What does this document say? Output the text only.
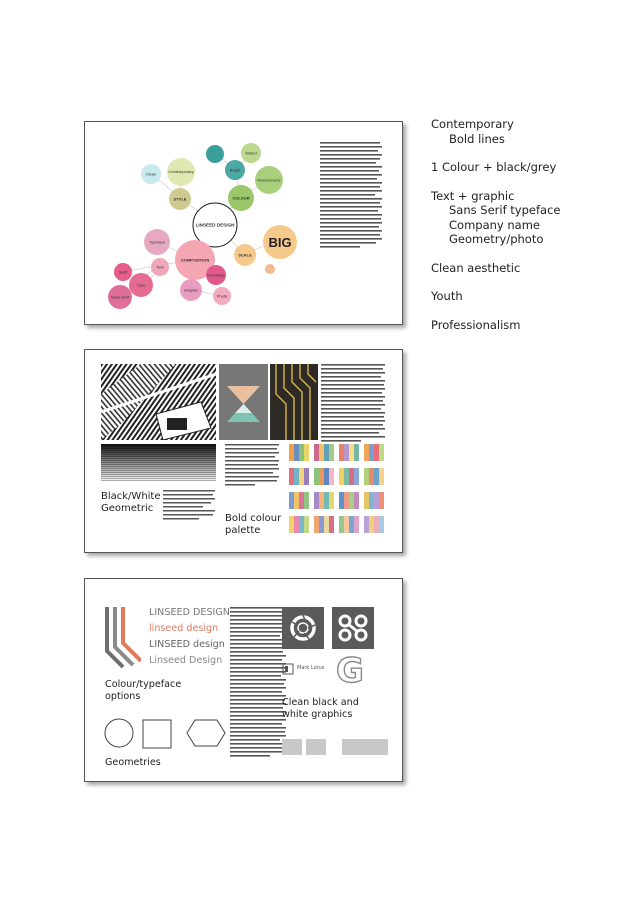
Contemporary
Bold lines
1 Colour + black/grey
Text + graphic
Sans Serif typeface
Company name
Geometry/photo
Clean aesthetic
Youth
Professionalism
Contemporary
Clean
STYLE
Bright
Muted
Monochrome
COLOUR
LINSEED DESIGN
COMPOSITION
Typeface
Text
Serif
Type
Sans Serif
SCALE
BIG
Geometry
Graphic
Photo
Black/White
Geometric
Bold colour
palette
LINSEED DESIGN
linseed design
LINSEED design
Linseed Design
Colour/typeface
options
Geometries
Mark Lotus G
Clean black and
white graphics
